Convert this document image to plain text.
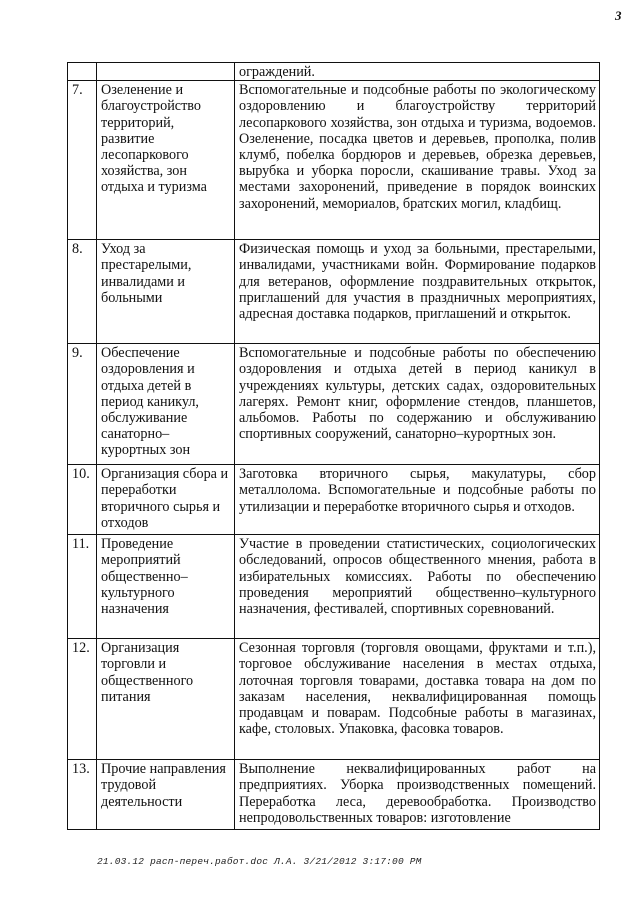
3
		ограждений.
7.	Озеленение и благоустройство территорий, развитие лесопаркового хозяйства, зон отдыха и туризма	Вспомогательные и подсобные работы по экологическому оздоровлению и благоустройству территорий лесопаркового хозяйства, зон отдыха и туризма, водоемов. Озеленение, посадка цветов и деревьев, прополка, полив клумб, побелка бордюров и деревьев, обрезка деревьев, вырубка и уборка поросли, скашивание травы. Уход за местами захоронений, приведение в порядок воинских захоронений, мемориалов, братских могил, кладбищ.
8.	Уход за престарелыми, инвалидами и больными	Физическая помощь и уход за больными, престарелыми, инвалидами, участниками войн. Формирование подарков для ветеранов, оформление поздравительных открыток, приглашений для участия в праздничных мероприятиях, адресная доставка подарков, приглашений и открыток.
9.	Обеспечение оздоровления и отдыха детей в период каникул, обслуживание санаторно–курортных зон	Вспомогательные и подсобные работы по обеспечению оздоровления и отдыха детей в период каникул в учреждениях культуры, детских садах, оздоровительных лагерях. Ремонт книг, оформление стендов, планшетов, альбомов. Работы по содержанию и обслуживанию спортивных сооружений, санаторно–курортных зон.
10.	Организация сбора и переработки вторичного сырья и отходов	Заготовка вторичного сырья, макулатуры, сбор металлолома. Вспомогательные и подсобные работы по утилизации и переработке вторичного сырья и отходов.
11.	Проведение мероприятий общественно–культурного назначения	Участие в проведении статистических, социологических обследований, опросов общественного мнения, работа в избирательных комиссиях. Работы по обеспечению проведения мероприятий общественно–культурного назначения, фестивалей, спортивных соревнований.
12.	Организация торговли и общественного питания	Сезонная торговля (торговля овощами, фруктами и т.п.), торговое обслуживание населения в местах отдыха, лоточная торговля товарами, доставка товара на дом по заказам населения, неквалифицированная помощь продавцам и поварам. Подсобные работы в магазинах, кафе, столовых. Упаковка, фасовка товаров.
13.	Прочие направления трудовой деятельности	Выполнение неквалифицированных работ на предприятиях. Уборка производственных помещений. Переработка леса, деревообработка. Производство непродовольственных товаров: изготовление
21.03.12 расп-переч.работ.doc Л.А. 3/21/2012 3:17:00 PM
